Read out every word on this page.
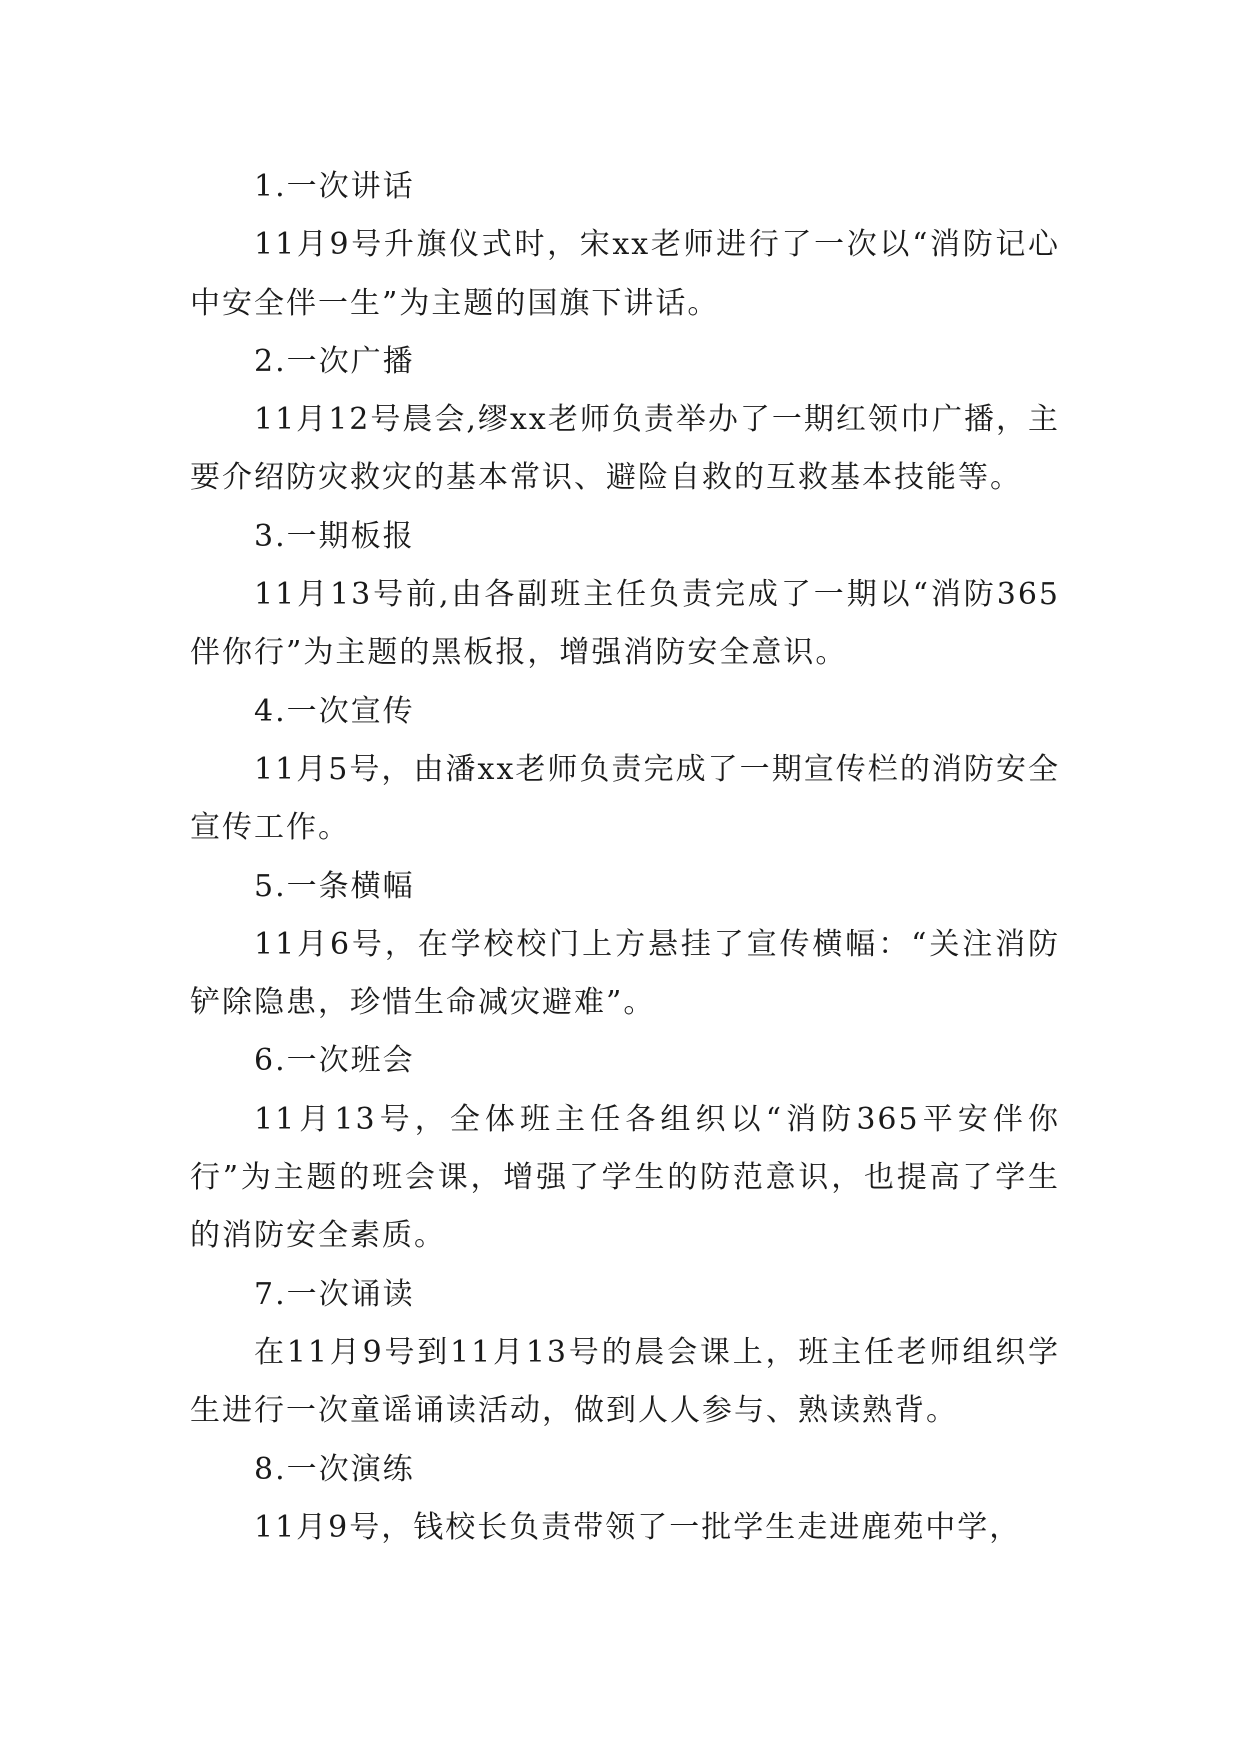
1.一次讲话

11月9号升旗仪式时，宋xx老师进行了一次以“消防记心中安全伴一生”为主题的国旗下讲话。

2.一次广播

11月12号晨会,缪xx老师负责举办了一期红领巾广播，主要介绍防灾救灾的基本常识、避险自救的互救基本技能等。

3.一期板报

11月13号前,由各副班主任负责完成了一期以“消防365伴你行”为主题的黑板报，增强消防安全意识。

4.一次宣传

11月5号，由潘xx老师负责完成了一期宣传栏的消防安全宣传工作。

5.一条横幅

11月6号，在学校校门上方悬挂了宣传横幅：“关注消防铲除隐患，珍惜生命减灾避难”。

6.一次班会

11月13号，全体班主任各组织以“消防365平安伴你行”为主题的班会课，增强了学生的防范意识，也提高了学生的消防安全素质。

7.一次诵读

在11月9号到11月13号的晨会课上，班主任老师组织学生进行一次童谣诵读活动，做到人人参与、熟读熟背。

8.一次演练

11月9号，钱校长负责带领了一批学生走进鹿苑中学，
